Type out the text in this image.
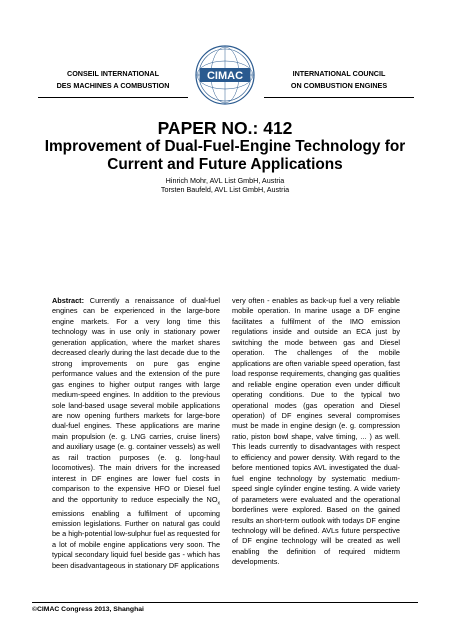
CONSEIL INTERNATIONAL
DES MACHINES A COMBUSTION
CIMAC	INTERNATIONAL COUNCIL
ON COMBUSTION ENGINES
PAPER NO.: 412
Improvement of Dual-Fuel-Engine Technology for
Current and Future Applications
Hinrich Mohr, AVL List GmbH, Austria
Torsten Baufeld, AVL List GmbH, Austria

Abstract: Currently a renaissance of dual-fuel engines can be experienced in the large-bore engine markets. For a very long time this technology was in use only in stationary power generation application, where the market shares decreased clearly during the last decade due to the strong improvements on pure gas engine performance values and the extension of the pure gas engines to higher output ranges with large medium-speed engines. In addition to the previous sole land-based usage several mobile applications are now opening furthers markets for large-bore dual-fuel engines. These applications are marine main propulsion (e. g. LNG carries, cruise liners) and auxiliary usage (e. g. container vessels) as well as rail traction purposes (e. g. long-haul locomotives). The main drivers for the increased interest in DF engines are lower fuel costs in comparison to the expensive HFO or Diesel fuel and the opportunity to reduce especially the $NO_x$ emissions enabling a fulfilment of upcoming emission legislations. Further on natural gas could be a high-potential low-sulphur fuel as requested for a lot of mobile engine applications very soon. The typical secondary liquid fuel beside gas - which has been disadvantageous in stationary DF applications

very often - enables as back-up fuel a very reliable mobile operation. In marine usage a DF engine facilitates a fulfilment of the IMO emission regulations inside and outside an ECA just by switching the mode between gas and Diesel operation. The challenges of the mobile applications are often variable speed operation, fast load response requirements, changing gas qualities and reliable engine operation even under difficult operating conditions. Due to the typical two operational modes (gas operation and Diesel operation) of DF engines several compromises must be made in engine design (e. g. compression ratio, piston bowl shape, valve timing, ... ) as well. This leads currently to disadvantages with respect to efficiency and power density. With regard to the before mentioned topics AVL investigated the dual-fuel engine technology by systematic medium-speed single cylinder engine testing. A wide variety of parameters were evaluated and the operational borderlines were explored. Based on the gained results an short-term outlook with todays DF engine technology will be defined. AVLs future perspective of DF engine technology will be created as well enabling the definition of required midterm developments.

©CIMAC Congress 2013, Shanghai
